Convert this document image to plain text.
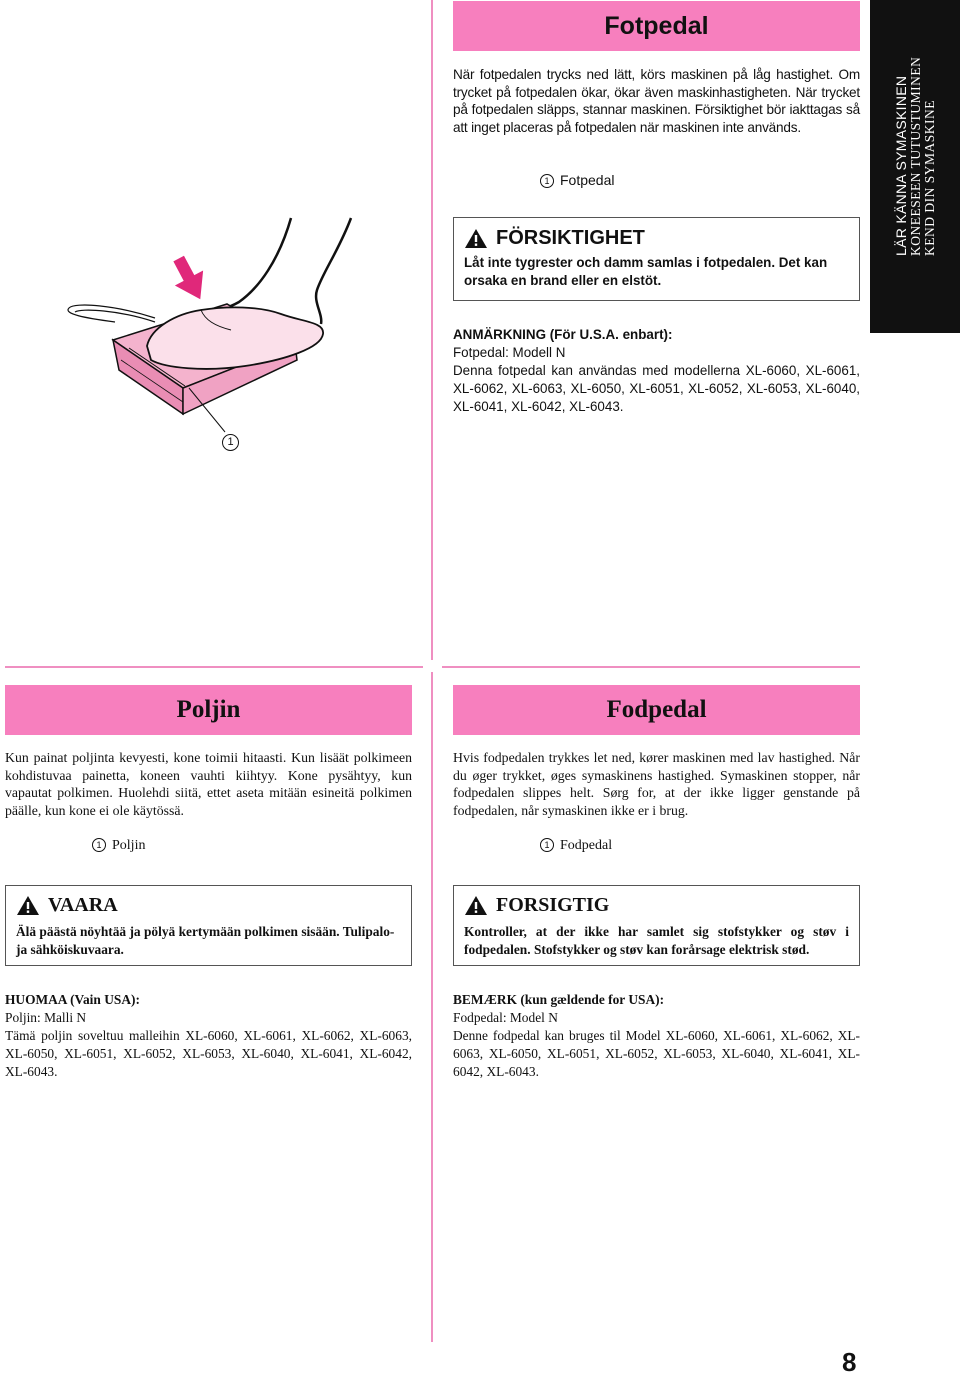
Fotpedal
När fotpedalen trycks ned lätt, körs maskinen på låg hastighet. Om trycket på fotpedalen ökar, ökar även maskinhastigheten. När trycket på fotpedalen släpps, stannar maskinen. Försiktighet bör iakttagas så att inget placeras på fotpedalen när maskinen inte används.
1 Fotpedal
FÖRSIKTIGHET
Låt inte tygrester och damm samlas i fotpedalen. Det kan orsaka en brand eller en elstöt.
ANMÄRKNING (För U.S.A. enbart):
Fotpedal: Modell N
Denna fotpedal kan användas med modellerna XL-6060, XL-6061, XL-6062, XL-6063, XL-6050, XL-6051, XL-6052, XL-6053, XL-6040, XL-6041, XL-6042, XL-6043.
LÄR KÄNNA SYMASKINEN KONEESEEN TUTUSTUMINEN KEND DIN SYMASKINE
1
Poljin
Kun painat poljinta kevyesti, kone toimii hitaasti. Kun lisäät polkimeen kohdistuvaa painetta, koneen vauhti kiihtyy. Kone pysähtyy, kun vapautat polkimen. Huolehdi siitä, ettet aseta mitään esineitä polkimen päälle, kun kone ei ole käytössä.
1 Poljin
VAARA
Älä päästä nöyhtää ja pölyä kertymään polkimen sisään. Tulipalo- ja sähköiskuvaara.
HUOMAA (Vain USA):
Poljin: Malli N
Tämä poljin soveltuu malleihin XL-6060, XL-6061, XL-6062, XL-6063, XL-6050, XL-6051, XL-6052, XL-6053, XL-6040, XL-6041, XL-6042, XL-6043.
Fodpedal
Hvis fodpedalen trykkes let ned, kører maskinen med lav hastighed. Når du øger trykket, øges symaskinens hastighed. Symaskinen stopper, når fodpedalen slippes helt. Sørg for, at der ikke ligger genstande på fodpedalen, når symaskinen ikke er i brug.
1 Fodpedal
FORSIGTIG
Kontroller, at der ikke har samlet sig stofstykker og støv i fodpedalen. Stofstykker og støv kan forårsage elektrisk stød.
BEMÆRK (kun gældende for USA):
Fodpedal: Model N
Denne fodpedal kan bruges til Model XL-6060, XL-6061, XL-6062, XL-6063, XL-6050, XL-6051, XL-6052, XL-6053, XL-6040, XL-6041, XL-6042, XL-6043.
8
